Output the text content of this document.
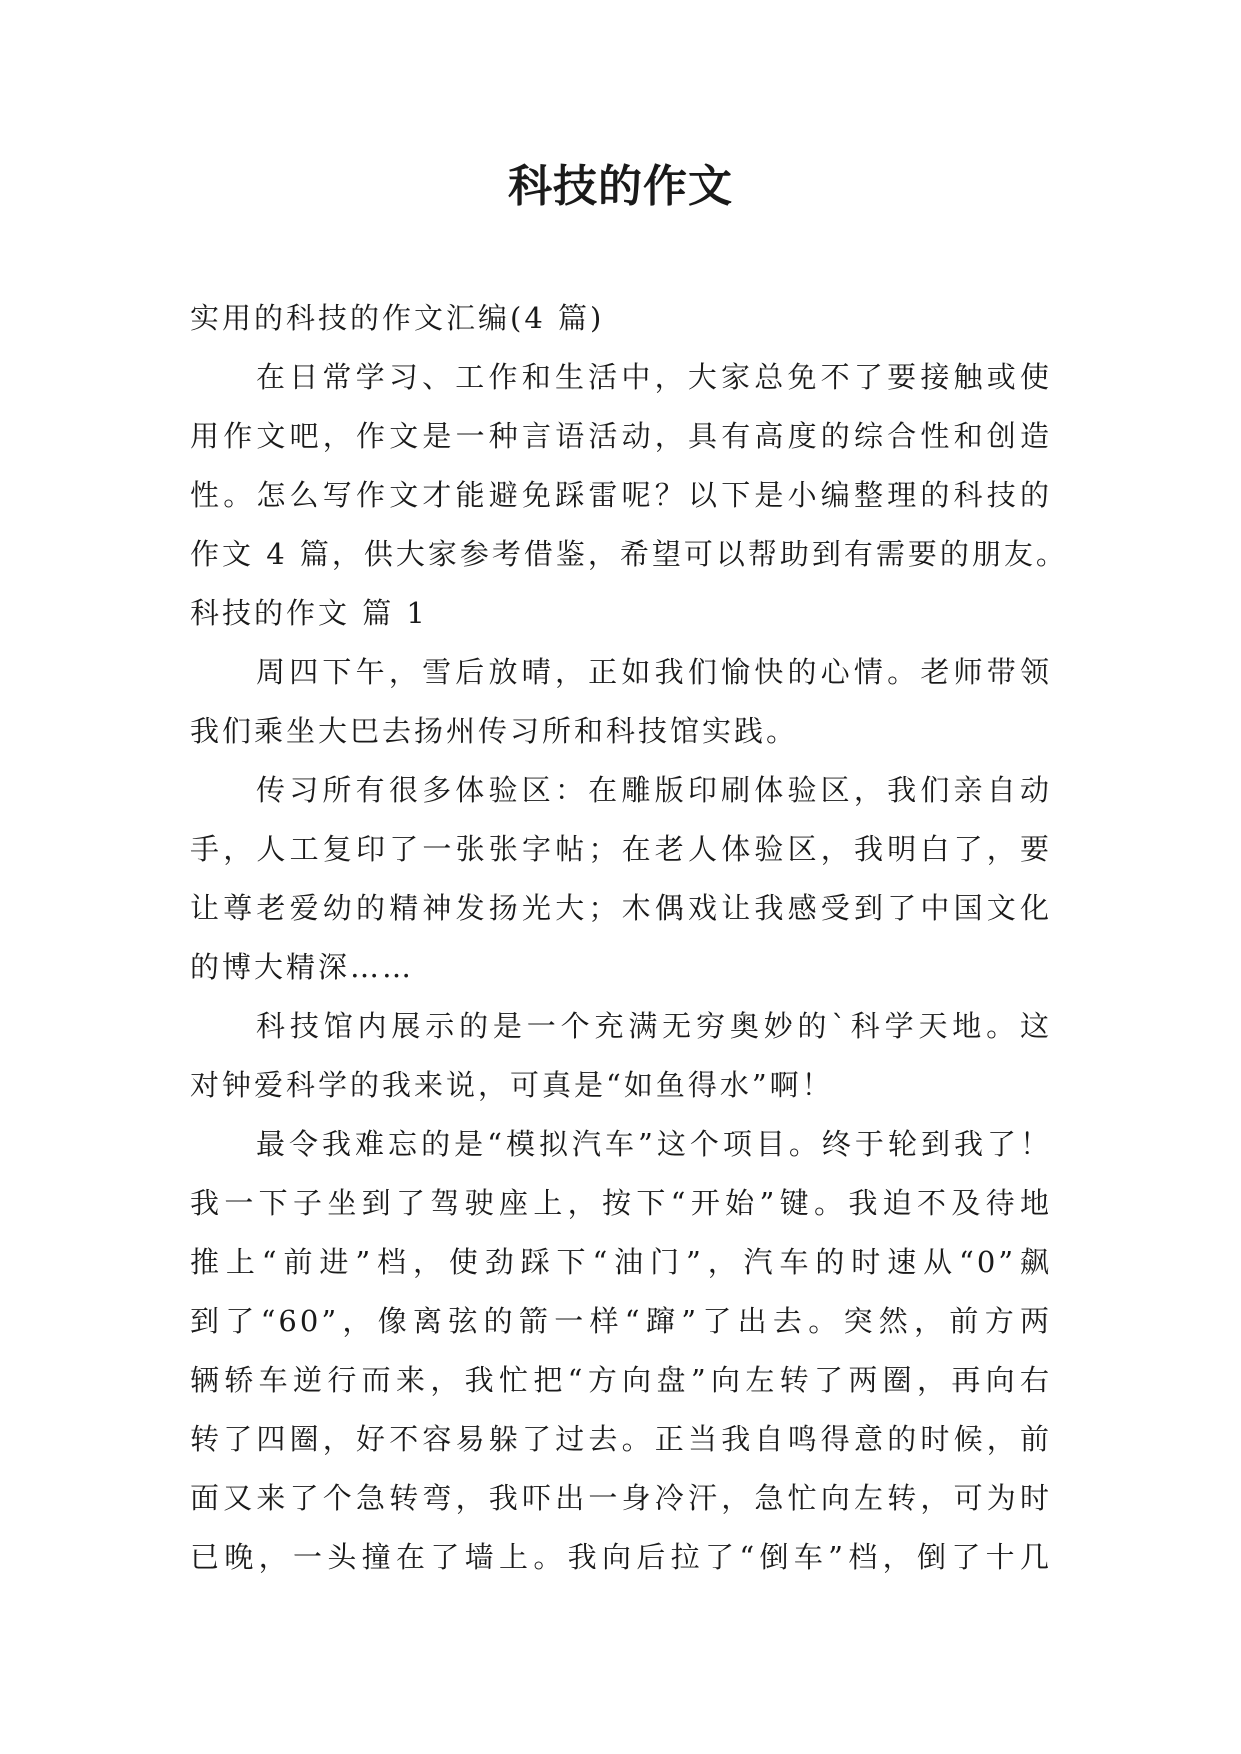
科技的作文
实用的科技的作文汇编(4 篇)
在日常学习、工作和生活中，大家总免不了要接触或使
用作文吧，作文是一种言语活动，具有高度的综合性和创造
性。怎么写作文才能避免踩雷呢？以下是小编整理的科技的
作文 4 篇，供大家参考借鉴，希望可以帮助到有需要的朋友。
科技的作文 篇 1
周四下午，雪后放晴，正如我们愉快的心情。老师带领
我们乘坐大巴去扬州传习所和科技馆实践。
传习所有很多体验区：在雕版印刷体验区，我们亲自动
手，人工复印了一张张字帖；在老人体验区，我明白了，要
让尊老爱幼的精神发扬光大；木偶戏让我感受到了中国文化
的博大精深……
科技馆内展示的是一个充满无穷奥妙的`科学天地。这
对钟爱科学的我来说，可真是“如鱼得水”啊！
最令我难忘的是“模拟汽车”这个项目。终于轮到我了！
我一下子坐到了驾驶座上，按下“开始”键。我迫不及待地
推上“前进”档，使劲踩下“油门”，汽车的时速从“0”飙
到了“60”，像离弦的箭一样“蹿”了出去。突然，前方两
辆轿车逆行而来，我忙把“方向盘”向左转了两圈，再向右
转了四圈，好不容易躲了过去。正当我自鸣得意的时候，前
面又来了个急转弯，我吓出一身冷汗，急忙向左转，可为时
已晚，一头撞在了墙上。我向后拉了“倒车”档，倒了十几
